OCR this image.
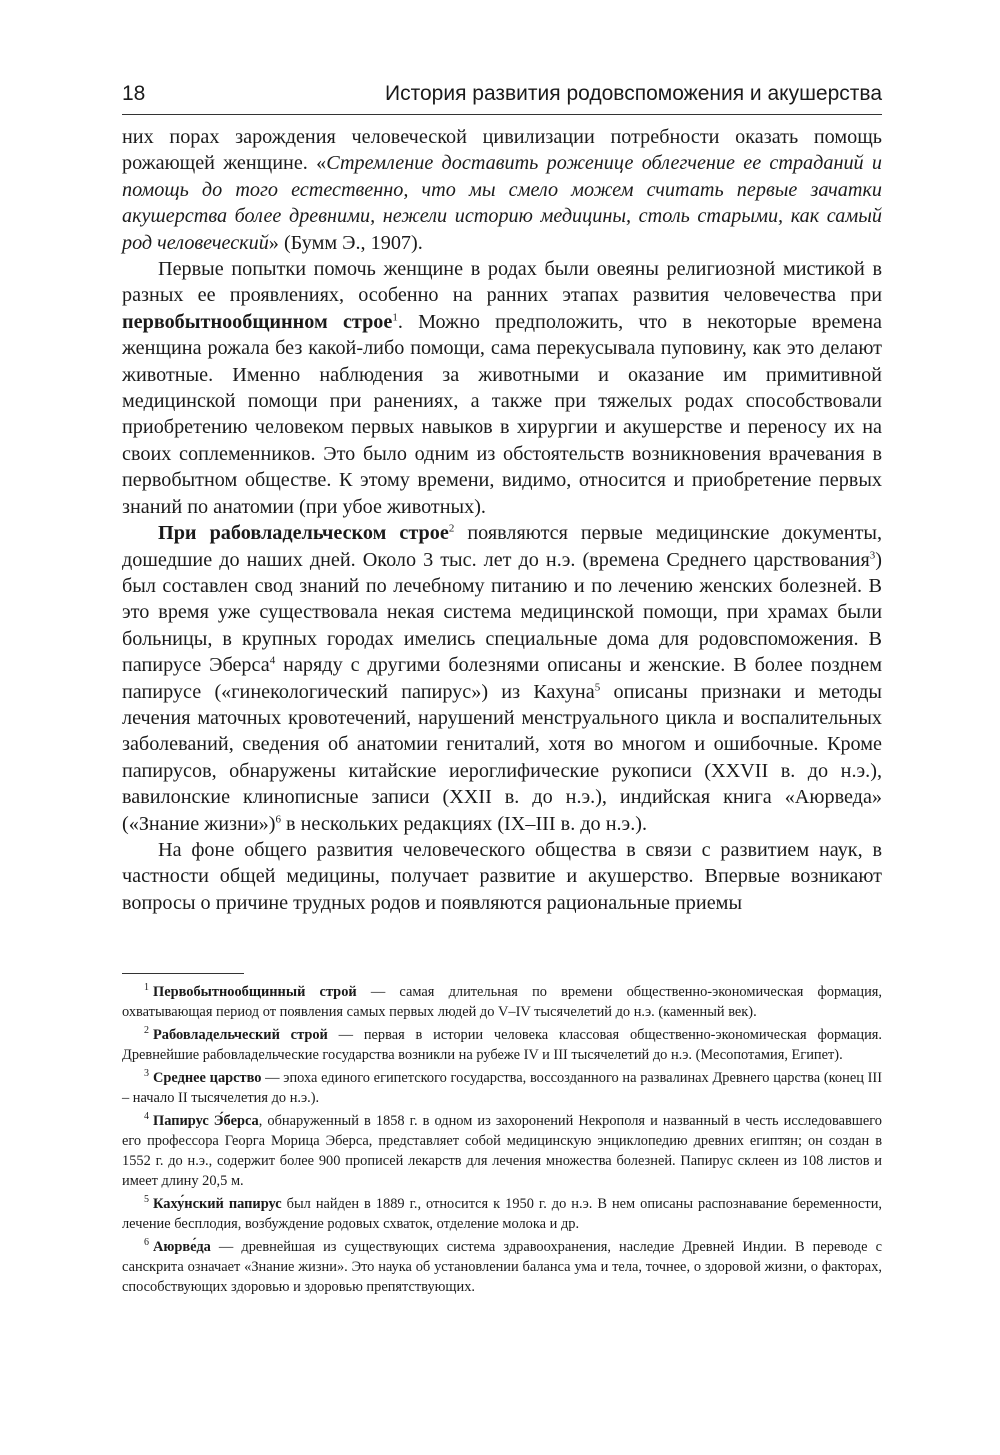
18	История развития родовспоможения и акушерства

них порах зарождения человеческой цивилизации потребности оказать помощь рожающей женщине. «Стремление доставить роженице облегчение ее страданий и помощь до того естественно, что мы смело можем считать первые зачатки акушерства более древними, нежели историю медицины, столь старыми, как самый род человеческий» (Бумм Э., 1907).

Первые попытки помочь женщине в родах были овеяны религиозной мистикой в разных ее проявлениях, особенно на ранних этапах развития человечества при первобытнообщинном строе$^1$. Можно предположить, что в некоторые времена женщина рожала без какой-либо помощи, сама перекусывала пуповину, как это делают животные. Именно наблюдения за животными и оказание им примитивной медицинской помощи при ранениях, а также при тяжелых родах способствовали приобретению человеком первых навыков в хирургии и акушерстве и переносу их на своих соплеменников. Это было одним из обстоятельств возникновения врачевания в первобытном обществе. К этому времени, видимо, относится и приобретение первых знаний по анатомии (при убое животных).

При рабовладельческом строе$^2$ появляются первые медицинские документы, дошедшие до наших дней. Около 3 тыс. лет до н.э. (времена Среднего царствования$^3$) был составлен свод знаний по лечебному питанию и по лечению женских болезней. В это время уже существовала некая система медицинской помощи, при храмах были больницы, в крупных городах имелись специальные дома для родовспоможения. В папирусе Эберса$^4$ наряду с другими болезнями описаны и женские. В более позднем папирусе («гинекологический папирус») из Кахуна$^5$ описаны признаки и методы лечения маточных кровотечений, нарушений менструального цикла и воспалительных заболеваний, сведения об анатомии гениталий, хотя во многом и ошибочные. Кроме папирусов, обнаружены китайские иероглифические рукописи (XXVII в. до н.э.), вавилонские клинописные записи (XXII в. до н.э.), индийская книга «Аюрведа» («Знание жизни»)$^6$ в нескольких редакциях (IX–III в. до н.э.).

На фоне общего развития человеческого общества в связи с развитием наук, в частности общей медицины, получает развитие и акушерство. Впервые возникают вопросы о причине трудных родов и появляются рациональные приемы

$^1$ Первобытнообщинный строй — самая длительная по времени общественно-экономическая формация, охватывающая период от появления самых первых людей до V–IV тысячелетий до н.э. (каменный век).

$^2$ Рабовладельческий строй — первая в истории человека классовая общественно-экономическая формация. Древнейшие рабовладельческие государства возникли на рубеже IV и III тысячелетий до н.э. (Месопотамия, Египет).

$^3$ Среднее царство — эпоха единого египетского государства, воссозданного на развалинах Древнего царства (конец III – начало II тысячелетия до н.э.).

$^4$ Папирус Э́берса, обнаруженный в 1858 г. в одном из захоронений Некрополя и названный в честь исследовавшего его профессора Георга Морица Эберса, представляет собой медицинскую энциклопедию древних египтян; он создан в 1552 г. до н.э., содержит более 900 прописей лекарств для лечения множества болезней. Папирус склеен из 108 листов и имеет длину 20,5 м.

$^5$ Каху́нский папирус был найден в 1889 г., относится к 1950 г. до н.э. В нем описаны распознавание беременности, лечение бесплодия, возбуждение родовых схваток, отделение молока и др.

$^6$ Аюрве́да — древнейшая из существующих система здравоохранения, наследие Древней Индии. В переводе с санскрита означает «Знание жизни». Это наука об установлении баланса ума и тела, точнее, о здоровой жизни, о факторах, способствующих здоровью и здоровью препятствующих.
